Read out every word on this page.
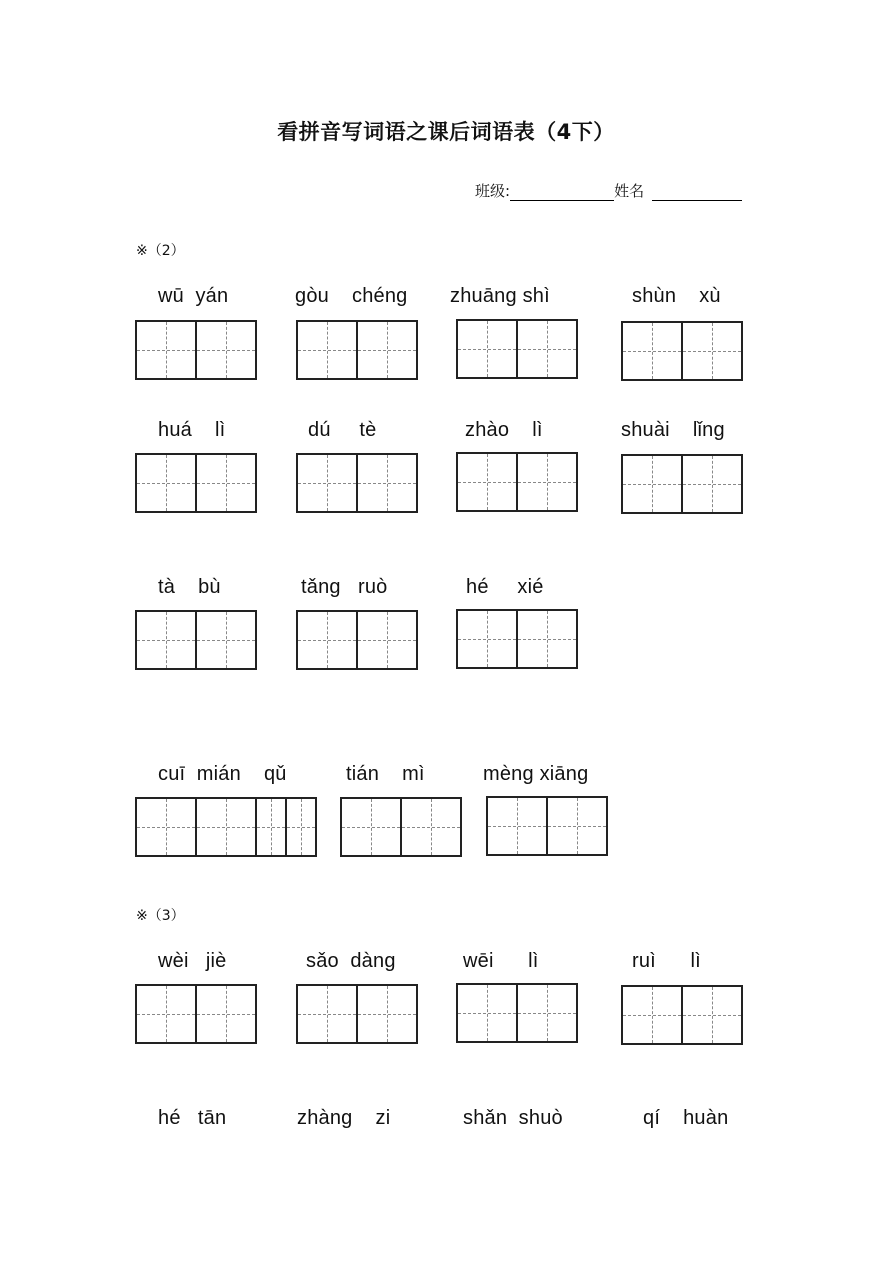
看拼音写词语之课后词语表（4下）
班级:	姓名
※（2）
※（3）
wū  yán	gòu    chéng zhuāng shì	shùn    xù
huá    lì	dú     tè	zhào    lì	shuài    lǐng
tà    bù	tǎng   ruò	hé     xié
cuī  mián    qǔ	tián    mì	mèng xiāng
wèi   jiè	sǎo  dàng	wēi      lì	ruì      lì
hé   tān	zhàng    zi	shǎn  shuò	qí    huàn
